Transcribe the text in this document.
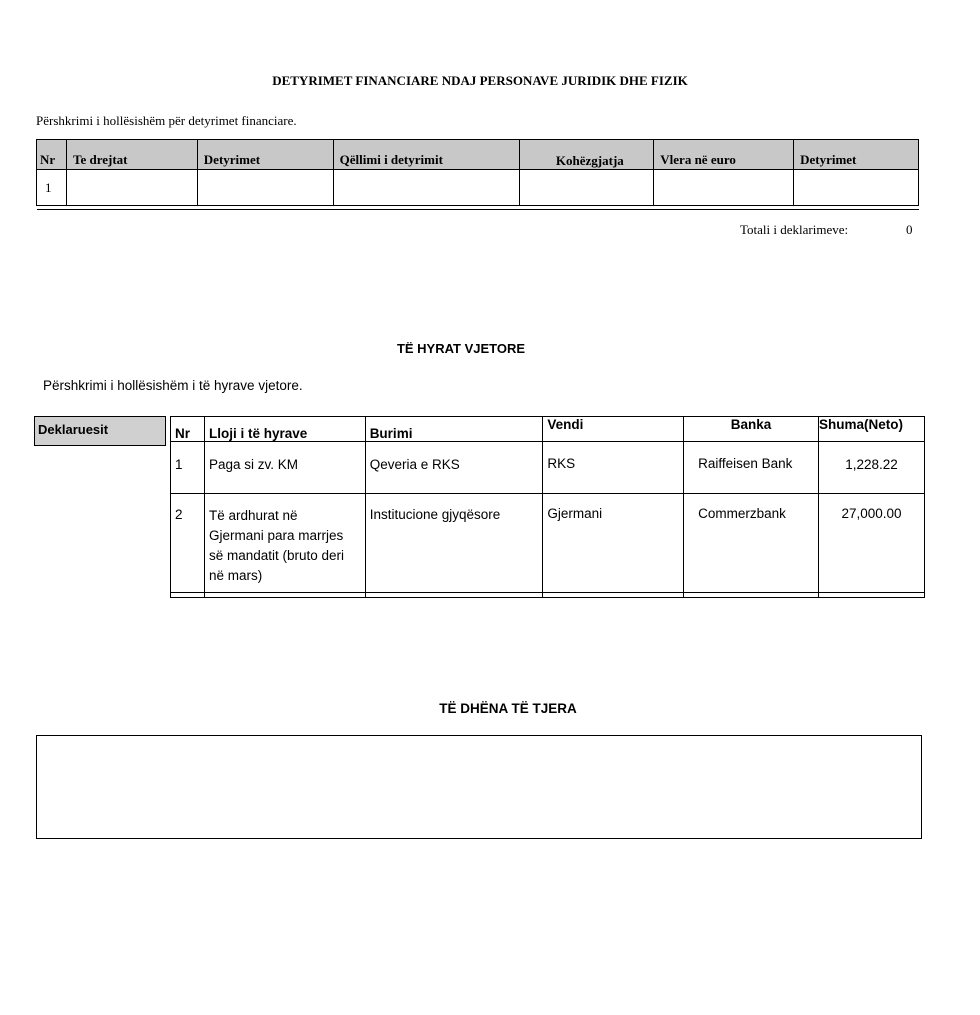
DETYRIMET FINANCIARE NDAJ PERSONAVE JURIDIK DHE FIZIK
Përshkrimi i hollësishëm për detyrimet financiare.
Nr	Te drejtat	Detyrimet	Qëllimi i detyrimit	Kohëzgjatja	Vlera në euro	Detyrimet
1						

Totali i deklarimeve:	0
TË HYRAT VJETORE
Përshkrimi i hollësishëm i të hyrave vjetore.
Deklaruesit	Nr	Lloji i të hyrave	Burimi	Vendi	Banka	Shuma(Neto)
1	Paga si zv. KM	Qeveria e RKS	RKS	Raiffeisen Bank	1,228.22
2	Të ardhurat në Gjermani para marrjes së mandatit (bruto deri në mars)	Institucione gjyqësore	Gjermani	Commerzbank	27,000.00

TË DHËNA TË TJERA
